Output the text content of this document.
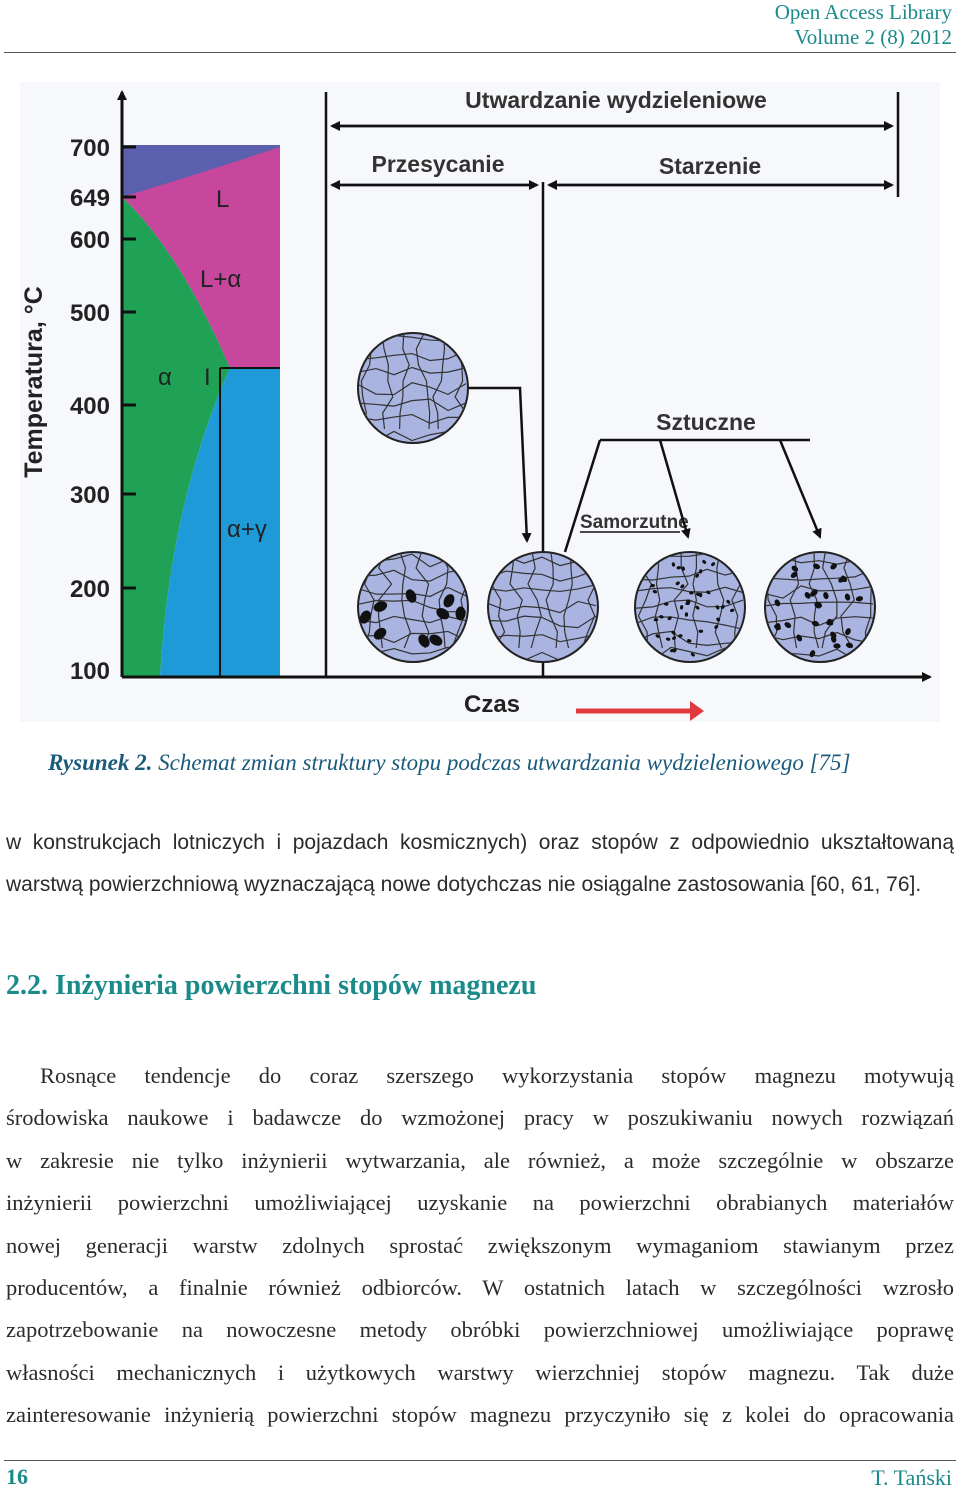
Open Access Library
Volume 2 (8) 2012
700
649
600
500
400
300
200
100
Temperatura, °C
Czas
L
L+α
α I
α+γ
Utwardzanie wydzieleniowe
Przesycanie	Starzenie
Sztuczne
Samorzutne
Rysunek 2. Schemat zmian struktury stopu podczas utwardzania wydzieleniowego [75]
w konstrukcjach lotniczych i pojazdach kosmicznych) oraz stopów z odpowiednio ukształtowaną
warstwą powierzchniową wyznaczającą nowe dotychczas nie osiągalne zastosowania [60, 61, 76].
2.2. Inżynieria powierzchni stopów magnezu
Rosnące tendencje do coraz szerszego wykorzystania stopów magnezu motywują
środowiska naukowe i badawcze do wzmożonej pracy w poszukiwaniu nowych rozwiązań
w zakresie nie tylko inżynierii wytwarzania, ale również, a może szczególnie w obszarze
inżynierii powierzchni umożliwiającej uzyskanie na powierzchni obrabianych materiałów
nowej generacji warstw zdolnych sprostać zwiększonym wymaganiom stawianym przez
producentów, a finalnie również odbiorców. W ostatnich latach w szczególności wzrosło
zapotrzebowanie na nowoczesne metody obróbki powierzchniowej umożliwiające poprawę
własności mechanicznych i użytkowych warstwy wierzchniej stopów magnezu. Tak duże
zainteresowanie inżynierią powierzchni stopów magnezu przyczyniło się z kolei do opracowania
16	T. Tański
